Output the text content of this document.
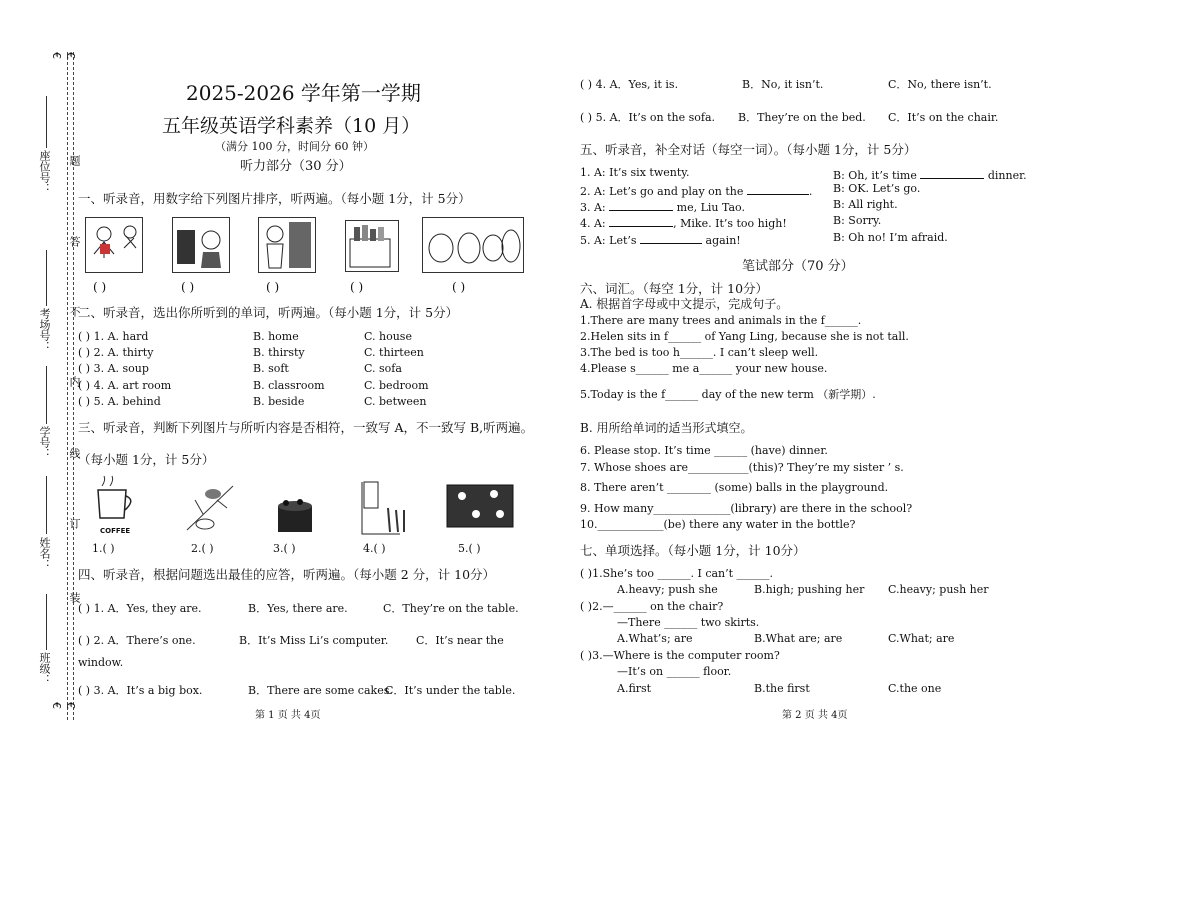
€ €
€ €
座位号：
考场号：
学号：
姓名：
班级：
题
答
不
内
线
订
装
2025-2026 学年第一学期
五年级英语学科素养（10 月）
（满分 100 分，时间分 60 钟）
听力部分（30 分）
一、听录音，用数字给下列图片排序，听两遍。（每小题 1分，计 5分）
( )	( )	( )	( )	( )
二、听录音，选出你所听到的单词，听两遍。（每小题 1分，计 5分）
( ) 1. A. hard	B. home	C. house
( ) 2. A. thirty	B. thirsty	C. thirteen
( ) 3. A. soup	B. soft	C. sofa
( ) 4. A. art room	B. classroom	C. bedroom
( ) 5. A. behind	B. beside	C. between
三、听录音，判断下列图片与所听内容是否相符，一致写 A，不一致写 B,听两遍。
（每小题 1分，计 5分）
COFFEE
1.( )	2.( )	3.( )	4.( )	5.( )
四、听录音，根据问题选出最佳的应答，听两遍。（每小题 2 分，计 10分）
( ) 1. A．Yes, they are.	B．Yes, there are.	C．They’re on the table.
( ) 2. A．There’s one.	B．It’s Miss Li’s computer.	C．It’s near the
window.
( ) 3. A．It’s a big box.	B．There are some cakes.
C．It’s under the table.
第 1 页 共 4页
( ) 4. A．Yes, it is.	B．No, it isn’t.	C．No, there isn’t.
( ) 5. A．It’s on the sofa. B．They’re on the bed. C．It’s on the chair.
五、听录音，补全对话（每空一词）。（每小题 1分，计 5分）
1. A: It’s six twenty.	B: Oh, it’s time	dinner.
2. A: Let’s go and play on the	. B: OK. Let’s go.
3. A:	me, Liu Tao.	B: All right.
4. A:	, Mike. It’s too high!	B: Sorry.
5. A: Let’s	again!	B: Oh no! I’m afraid.
笔试部分（70 分）
六、词汇。（每空 1分，计 10分）
A. 根据首字母或中文提示，完成句子。
1.There are many trees and animals in the f______.
2.Helen sits in f______ of Yang Ling, because she is not tall.
3.The bed is too h______. I can’t sleep well.
4.Please s______ me a______ your new house.
5.Today is the f______ day of the new term （新学期）.
B. 用所给单词的适当形式填空。
6. Please stop. It’s time ______ (have) dinner.
7. Whose shoes are___________(this)? They’re my sister ’ s.
8. There aren’t ________ (some) balls in the playground.
9. How many______________(library) are there in the school?
10.____________(be) there any water in the bottle?
七、单项选择。（每小题 1分，计 10分）
( )1.She’s too ______. I can’t ______.
A.heavy; push she	B.high; pushing her C.heavy; push her
( )2.—______ on the chair?
—There ______ two skirts.
A.What’s; are	B.What are; are	C.What; are
( )3.—Where is the computer room?
—It’s on ______ floor.
A.first	B.the first	C.the one
第 2 页 共 4页
